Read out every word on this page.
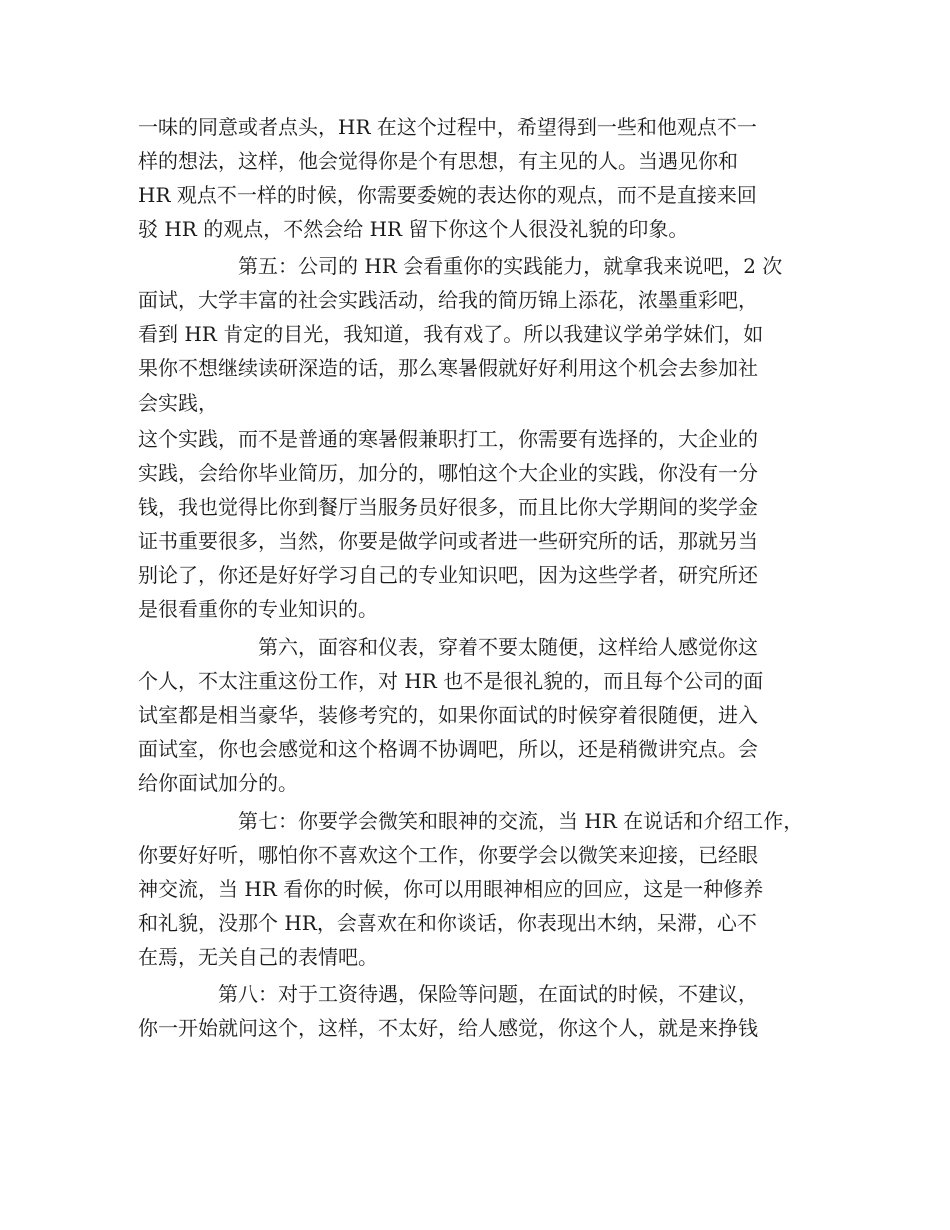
一味的同意或者点头，HR 在这个过程中，希望得到一些和他观点不一
样的想法，这样，他会觉得你是个有思想，有主见的人。当遇见你和
HR 观点不一样的时候，你需要委婉的表达你的观点，而不是直接来回
驳 HR 的观点，不然会给 HR 留下你这个人很没礼貌的印象。
第五：公司的 HR 会看重你的实践能力，就拿我来说吧，2 次
面试，大学丰富的社会实践活动，给我的简历锦上添花，浓墨重彩吧，
看到 HR 肯定的目光，我知道，我有戏了。所以我建议学弟学妹们，如
果你不想继续读研深造的话，那么寒暑假就好好利用这个机会去参加社
会实践，
这个实践，而不是普通的寒暑假兼职打工，你需要有选择的，大企业的
实践，会给你毕业简历，加分的，哪怕这个大企业的实践，你没有一分
钱，我也觉得比你到餐厅当服务员好很多，而且比你大学期间的奖学金
证书重要很多，当然，你要是做学问或者进一些研究所的话，那就另当
别论了，你还是好好学习自己的专业知识吧，因为这些学者，研究所还
是很看重你的专业知识的。
第六，面容和仪表，穿着不要太随便，这样给人感觉你这
个人，不太注重这份工作，对 HR 也不是很礼貌的，而且每个公司的面
试室都是相当豪华，装修考究的，如果你面试的时候穿着很随便，进入
面试室，你也会感觉和这个格调不协调吧，所以，还是稍微讲究点。会
给你面试加分的。
第七：你要学会微笑和眼神的交流，当 HR 在说话和介绍工作，
你要好好听，哪怕你不喜欢这个工作，你要学会以微笑来迎接，已经眼
神交流，当 HR 看你的时候，你可以用眼神相应的回应，这是一种修养
和礼貌，没那个 HR，会喜欢在和你谈话，你表现出木纳，呆滞，心不
在焉，无关自己的表情吧。
第八：对于工资待遇，保险等问题，在面试的时候，不建议，
你一开始就问这个，这样，不太好，给人感觉，你这个人，就是来挣钱
